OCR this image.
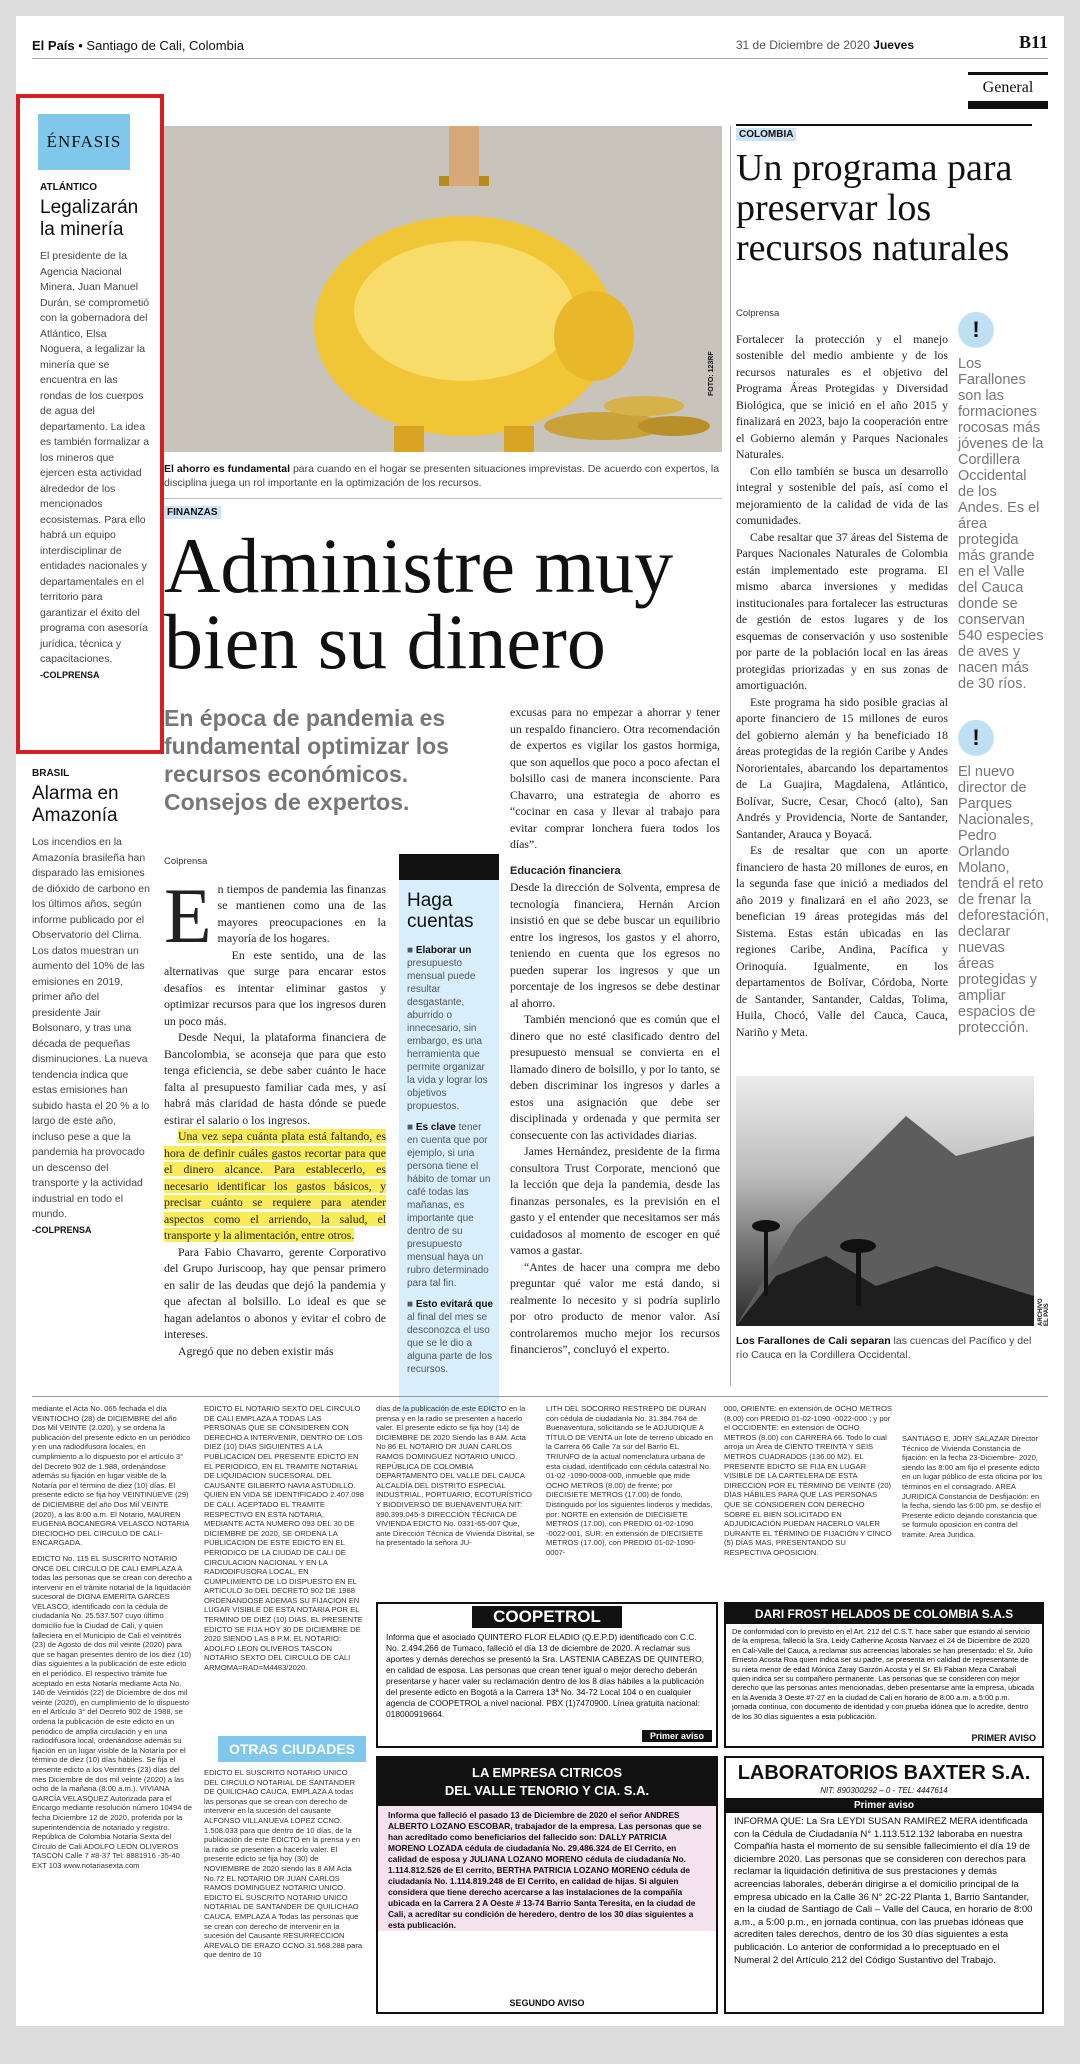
El País • Santiago de Cali, Colombia	31 de Diciembre de 2020 Jueves	B11
General
ÉNFASIS
ATLÁNTICO
Legalizarán la minería
El presidente de la Agencia Nacional Minera, Juan Manuel Durán, se comprometió con la gobernadora del Atlántico, Elsa Noguera, a legalizar la minería que se encuentra en las rondas de los cuerpos de agua del departamento. La idea es también formalizar a los mineros que ejercen esta actividad alrededor de los mencionados ecosistemas. Para ello habrá un equipo interdisciplinar de entidades nacionales y departamentales en el territorio para garantizar el éxito del programa con asesoría jurídica, técnica y capacitaciones.
-COLPRENSA
BRASIL
Alarma en Amazonía
Los incendios en la Amazonía brasileña han disparado las emisiones de dióxido de carbono en los últimos años, según informe publicado por el Observatorio del Clima. Los datos muestran un aumento del 10% de las emisiones en 2019, primer año del presidente Jair Bolsonaro, y tras una década de pequeñas disminuciones. La nueva tendencia indica que estas emisiones han subido hasta el 20 % a lo largo de este año, incluso pese a que la pandemia ha provocado un descenso del transporte y la actividad industrial en todo el mundo.
-COLPRENSA
FOTO: 123RF
El ahorro es fundamental para cuando en el hogar se presenten situaciones imprevistas. De acuerdo con expertos, la disciplina juega un rol importante en la optimización de los recursos.
FINANZAS
Administre muy bien su dinero
En época de pandemia es fundamental optimizar los recursos económicos. Consejos de expertos.
Colprensa

En tiempos de pandemia las finanzas se mantienen como una de las mayores preocupaciones en la mayoría de los hogares.

En este sentido, una de las alternativas que surge para encarar estos desafíos es intentar eliminar gastos y optimizar recursos para que los ingresos duren un poco más.

Desde Nequi, la plataforma financiera de Bancolombia, se aconseja que para que esto tenga eficiencia, se debe saber cuánto le hace falta al presupuesto familiar cada mes, y así habrá más claridad de hasta dónde se puede estirar el salario o los ingresos.

Una vez sepa cuánta plata está faltando, es hora de definir cuáles gastos recortar para que el dinero alcance. Para establecerlo, es necesario identificar los gastos básicos, y precisar cuánto se requiere para atender aspectos como el arriendo, la salud, el transporte y la alimentación, entre otros.

Para Fabio Chavarro, gerente Corporativo del Grupo Juriscoop, hay que pensar primero en salir de las deudas que dejó la pandemia y que afectan al bolsillo. Lo ideal es que se hagan adelantos o abonos y evitar el cobro de intereses.

Agregó que no deben existir más

Haga cuentas
■ Elaborar un presupuesto mensual puede resultar desgastante, aburrido o innecesario, sin embargo, es una herramienta que permite organizar la vida y lograr los objetivos propuestos.
■ Es clave tener en cuenta que por ejemplo, si una persona tiene el hábito de tomar un café todas las mañanas, es importante que dentro de su presupuesto mensual haya un rubro determinado para tal fin.
■ Esto evitará que al final del mes se desconozca el uso que se le dio a alguna parte de los recursos.

excusas para no empezar a ahorrar y tener un respaldo financiero. Otra recomendación de expertos es vigilar los gastos hormiga, que son aquellos que poco a poco afectan el bolsillo casi de manera inconsciente. Para Chavarro, una estrategia de ahorro es “cocinar en casa y llevar al trabajo para evitar comprar lonchera fuera todos los días”.

Educación financiera

Desde la dirección de Solventa, empresa de tecnología financiera, Hernán Arcion insistió en que se debe buscar un equilibrio entre los ingresos, los gastos y el ahorro, teniendo en cuenta que los egresos no pueden superar los ingresos y que un porcentaje de los ingresos se debe destinar al ahorro.

También mencionó que es común que el dinero que no esté clasificado dentro del presupuesto mensual se convierta en el llamado dinero de bolsillo, y por lo tanto, se deben discriminar los ingresos y darles a estos una asignación que debe ser disciplinada y ordenada y que permita ser consecuente con las actividades diarias.

James Hernández, presidente de la firma consultora Trust Corporate, mencionó que la lección que deja la pandemia, desde las finanzas personales, es la previsión en el gasto y el entender que necesitamos ser más cuidadosos al momento de escoger en qué vamos a gastar.

“Antes de hacer una compra me debo preguntar qué valor me está dando, si realmente lo necesito y si podría suplirlo por otro producto de menor valor. Así controlaremos mucho mejor los recursos financieros”, concluyó el experto.

COLOMBIA
Un programa para preservar los recursos naturales
Colprensa

Fortalecer la protección y el manejo sostenible del medio ambiente y de los recursos naturales es el objetivo del Programa Áreas Protegidas y Diversidad Biológica, que se inició en el año 2015 y finalizará en 2023, bajo la cooperación entre el Gobierno alemán y Parques Nacionales Naturales.

Con ello también se busca un desarrollo integral y sostenible del país, así como el mejoramiento de la calidad de vida de las comunidades.

Cabe resaltar que 37 áreas del Sistema de Parques Nacionales Naturales de Colombia están implementado este programa. El mismo abarca inversiones y medidas institucionales para fortalecer las estructuras de gestión de estos lugares y de los esquemas de conservación y uso sostenible por parte de la población local en las áreas protegidas priorizadas y en sus zonas de amortiguación.

Este programa ha sido posible gracias al aporte financiero de 15 millones de euros del gobierno alemán y ha beneficiado 18 áreas protegidas de la región Caribe y Andes Nororientales, abarcando los departamentos de La Guajira, Magdalena, Atlántico, Bolívar, Sucre, Cesar, Chocó (alto), San Andrés y Providencia, Norte de Santander, Santander, Arauca y Boyacá.

Es de resaltar que con un aporte financiero de hasta 20 millones de euros, en la segunda fase que inició a mediados del año 2019 y finalizará en el año 2023, se benefician 19 áreas protegidas más del Sistema. Estas están ubicadas en las regiones Caribe, Andina, Pacífica y Orinoquía. Igualmente, en los departamentos de Bolívar, Córdoba, Norte de Santander, Santander, Caldas, Tolima, Huila, Chocó, Valle del Cauca, Cauca, Nariño y Meta.

!
Los Farallones son las formaciones rocosas más jóvenes de la Cordillera Occidental de los Andes. Es el área protegida más grande en el Valle del Cauca donde se conservan 540 especies de aves y nacen más de 30 ríos.
!
El nuevo director de Parques Nacionales, Pedro Orlando Molano, tendrá el reto de frenar la deforestación, declarar nuevas áreas protegidas y ampliar espacios de protección.
ARCHIVO EL PAÍS
Los Farallones de Cali separan las cuencas del Pacífico y del río Cauca en la Cordillera Occidental.
mediante el Acta No. 065 fechada el día VEINTIOCHO (28) de DICIEMBRE del año Dos Mil VEINTE (2.020), y se ordena la publicación del presente edicto en un periódico y en una radiodifusora locales, en cumplimiento a lo dispuesto por el artículo 3° del Decreto 902 de 1.988, ordenándose además su fijación en lugar visible de la Notaría por el término de diez (10) días. El presente edicto se fija hoy VEINTINUEVE (29) de DICIEMBRE del año Dos Mil VEINTE (2020), a las 8:00 a.m. El Notario, MAUREN EUGENIA BOCANEGRA VELASCO NOTARIA DIECIOCHO DEL CIRCULO DE CALI- ENCARGADA.
EDICTO No. 115 EL SUSCRITO NOTARIO ONCE DEL CIRCULO DE CALI EMPLAZA A todas las personas que se crean con derecho a intervenir en el trámite notarial de la liquidación sucesoral de DIGNA EMERITA GARCES VELASCO, identificado con la cédula de ciudadanía No. 25.537.507 cuyo último domicilio fue la Ciudad de Cali, y quien falleciera en el Municipio de Cali el veintitrés (23) de Agosto de dos mil veinte (2020) para que se hagan presentes dentro de los diez (10) días siguientes a la publicación de este edicto en el periódico. El respectivo trámite fue aceptado en esta Notaría mediante Acta No. 140 de Veintidós (22) de Diciembre de dos mil veinte (2020), en cumplimiento de lo dispuesto en el Artículo 3° del Decreto 902 de 1988, se ordena la publicación de este edicto en un periódico de amplia circulación y en una radiodifusora local, ordenándose además su fijación en un lugar visible de la Notaría por el término de diez (10) días hábiles. Se fija el presente edicto a los Veintitrés (23) días del mes Diciembre de dos mil veinte (2020) a las ocho de la mañana (8:00 a.m.). VIVIANA GARCÍA VELASQUEZ Autorizada para el Encargo mediante resolución número 10494 de fecha Diciembre 12 de 2020, proferida por la superintendencia de notariado y registro. República de Colombia Notaría Sexta del Círculo de Cali ADOLFO LEON OLIVEROS TASCON Calle 7 #8-37 Tel: 8881916 -35-40 EXT 103 www.notariasexta.com
EDICTO EL NOTARIO SEXTO DEL CIRCULO DE CALI EMPLAZA A TODAS LAS PERSONAS QUE SE CONSIDEREN CON DERECHO A INTERVENIR, DENTRO DE LOS DIEZ (10) DIAS SIGUIENTES A LA PUBLICACION DEL PRESENTE EDICTO EN EL PERIODICO, EN EL TRAMITE NOTARIAL DE LIQUIDACION SUCESORAL DEL CAUSANTE GILBERTO NAVIA ASTUDILLO. QUIEN EN VIDA SE IDENTIFICADO 2.407.098 DE CALI. ACEPTADO EL TRAMITE RESPECTIVO EN ESTA NOTARIA, MEDIANTE ACTA NUMERO 093 DEL 30 DE DICIEMBRE DE 2020, SE ORDENA LA PUBLICACION DE ESTE EDICTO EN EL PERIODICO DE LA CIUDAD DE CALI DE CIRCULACION NACIONAL Y EN LA RADIODIFUSORA LOCAL, EN CUMPLIMIENTO DE LO DISPUESTO EN EL ARTICULO 3o DEL DECRETO 902 DE 1988 ORDENANDOSE ADEMAS SU FIJACION EN LUGAR VISIBLE DE ESTA NOTARIA POR EL TERMINO DE DIEZ (10) DIAS. EL PRESENTE EDICTO SE FIJA HOY 30 DE DICIEMBRE DE 2020 SIENDO LAS 8 P.M. EL NOTARIO: ADOLFO LEON OLIVEROS TASCON NOTARIO SEXTO DEL CIRCULO DE CALI ARMOMA=RAD=M4483/2020.
OTRAS CIUDADES
EDICTO EL SUSCRITO NOTARIO UNICO DEL CIRCULO NOTARIAL DE SANTANDER DE QUILICHAO CAUCA, EMPLAZA A todas las personas que se crean con derecho de intervenir en la sucesión del causante ALFONSO VILLANUEVA LOPEZ CCNO. 1.508.033 para que dentro de 10 días, de la publicación de este EDICTO en la prensa y en la radio se presenten a hacerlo valer. El presente edicto se fija hoy (30) de NOVIEMBRE de 2020 siendo las 8 AM Acta No.72 EL NOTARIO DR JUAN CARLOS RAMOS DOMINGUEZ NOTARIO UNICO. EDICTO EL SUSCRITO NOTARIO UNICO NOTARIAL DE SANTANDER DE QUILICHAO CAUCA. EMPLAZA A Todas las personas que se crean con derecho de intervenir en la sucesión del Causante RESURRECCION AREVALO DE ERAZO CCNO.31.568.288 para que dentro de 10
días de la publicación de este EDICTO en la prensa y en la radio se presenten a hacerlo valer. El presente edicto se fija hoy (14) de DICIEMBRE DE 2020 Siendo las 8 AM. Acta No 86 EL NOTARIO DR JUAN CARLOS RAMOS DOMINGUEZ NOTARIO UNICO. REPÚBLICA DE COLOMBIA DEPARTAMENTO DEL VALLE DEL CAUCA ALCALDÍA DEL DISTRITO ESPECIAL INDUSTRIAL, PORTUARIO, ECOTURÍSTICO Y BIODIVERSO DE BUENAVENTURA NIT: 890.399.045-3 DIRECCIÓN TÉCNICA DE VIVIENDA EDICTO No. 0331-65-007 Que, ante Dirección Técnica de Vivienda Distrital, se ha presentado la señora JU-
LITH DEL SOCORRO RESTREPO DE DURAN con cédula de ciudadanía No. 31.384.764 de Buenaventura, solicitando se le ADJUDIQUE A TÍTULO DE VENTA un lote de terreno ubicado en la Carrera 66 Calle 7a sur del Barrio EL TRIUNFO de la actual nomenclatura urbana de esta ciudad, identificado con cédula catastral No. 01-02 -1090-0008-000, inmueble que mide OCHO METROS (8.00) de frente; por DIECISIETE METROS (17.00) de fondo, Distinguido por los siguientes linderos y medidas, por: NORTE en extensión de DIECISIETE METROS (17.00), con PREDIO 01-02-1090 -0022-001, SUR: en extensión de DIECISIETE METROS (17.00), con PREDIO 01-02-1090-0007-
000, ORIENTE: en extensión de OCHO METROS (8.00) con PREDIO 01-02-1090 -0022-000 ; y por el OCCIDENTE: en extensión de OCHO METROS (8.00) con CARRERA 66. Todo lo cual arroja un Área de CIENTO TREINTA Y SEIS METROS CUADRADOS (136.00 M2). EL PRESENTE EDICTO SE FIJA EN LUGAR VISIBLE DE LA CARTELERA DE ESTA DIRECCIÓN POR EL TÉRMINO DE VEINTE (20) DÍAS HÁBILES PARA QUE LAS PERSONAS QUE SE CONSIDEREN CON DERECHO SOBRE EL BIEN SOLICITADO EN ADJUDICACIÓN PUEDAN HACERLO VALER DURANTE EL TÉRMINO DE FIJACIÓN Y CINCO (5) DÍAS MAS, PRESENTANDO SU RESPECTIVA OPOSICIÓN.
SANTIAGO E. JORY SALAZAR Director Técnico de Vivienda Constancia de fijación: en la fecha 23-Diciembre- 2020, siendo las 8:00 am fijo el presente edicto en un lugar público de esta oficina por los términos en el consagrado. AREA JURIDICA Constancia de Desfijación: en la fecha, siendo las 6:00 pm, se desfijo el Presente edicto dejando constancia que se formulo oposicion en contra del tramite. Area Juridica.
COOPETROL
Informa que el asociado QUINTERO FLOR ELADIO (Q.E.P.D) identificado con C.C. No. 2.494.266 de Tumaco, falleció el día 13 de diciembre de 2020. A reclamar sus aportes y demás derechos se presentó la Sra. LASTENIA CABEZAS DE QUINTERO, en calidad de esposa. Las personas que crean tener igual o mejor derecho deberán presentarse y hacer valer su reclamación dentro de los 8 días hábiles a la publicación del presente edicto en Bogotá a la Carrera 13ª No. 34-72 Local 104 o en cualquier agencia de COOPETROL a nivel nacional. PBX (1)7470900. Línea gratuita nacional: 018000919664.
Primer aviso
DARI FROST HELADOS DE COLOMBIA S.A.S
De conformidad con lo previsto en el Art. 212 del C.S.T. hace saber que estando al servicio de la empresa, falleció la Sra. Leidy Catherine Acosta Narvaez el 24 de Diciembre de 2020 en Cali-Valle del Cauca, a reclamar sus acreencias laborales se han presentado: el Sr. Julio Ernesto Acosta Roa quien indica ser su padre, se presenta en calidad de representante de su nieta menor de edad Mónica Zaray Garzón Acosta y el Sr. Eli Fabian Meza Carabali quien indica ser su compañero permanente. Las personas que se consideren con mejor derecho que las personas antes mencionadas, deben presentarse ante la empresa, ubicada en la Avenida 3 Oeste #7-27 en la ciudad de Cali en horario de 8:00 a.m. a 5:00 p.m. jornada continua, con documento de identidad y con prueba idónea que lo acredite, dentro de los 30 días siguientes a esta publicación.
PRIMER AVISO
LA EMPRESA CITRICOS
DEL VALLE TENORIO Y CIA. S.A.
Informa que falleció el pasado 13 de Diciembre de 2020 el señor ANDRES ALBERTO LOZANO ESCOBAR, trabajador de la empresa. Las personas que se han acreditado como beneficiarios del fallecido son: DALLY PATRICIA MORENO LOZADA cédula de ciudadanía No. 29.486.324 de El Cerrito, en calidad de esposa y JULIANA LOZANO MORENO cédula de ciudadanía No. 1.114.812.526 de El cerrito, BERTHA PATRICIA LOZANO MORENO cédula de ciudadanía No. 1.114.819.248 de El Cerrito, en calidad de hijas. Si alguien considera que tiene derecho acercarse a las instalaciones de la compañía ubicada en la Carrera 2 A Oeste # 13-74 Barrio Santa Teresita, en la ciudad de Cali, a acreditar su condición de heredero, dentro de los 30 días siguientes a esta publicación.
SEGUNDO AVISO
LABORATORIOS BAXTER S.A.
NIT: 890300292 – 0 - TEL: 4447614
Primer aviso
INFORMA QUE: La Sra LEYDI SUSAN RAMIREZ MERA identificada con la Cédula de Ciudadanía N° 1.113.512.132 laboraba en nuestra Compañía hasta el momento de su sensible fallecimiento el día 19 de diciembre 2020. Las personas que se consideren con derechos para reclamar la liquidación definitiva de sus prestaciones y demás acreencias laborales, deberán dirigirse a el domicilio principal de la empresa ubicado en la Calle 36 N° 2C-22 Planta 1, Barrio Santander, en la ciudad de Santiago de Cali – Valle del Cauca, en horario de 8:00 a.m., a 5:00 p.m., en jornada continua, con las pruebas idóneas que acrediten tales derechos, dentro de los 30 días siguientes a esta publicación. Lo anterior de conformidad a lo preceptuado en el Numeral 2 del Artículo 212 del Código Sustantivo del Trabajo.
